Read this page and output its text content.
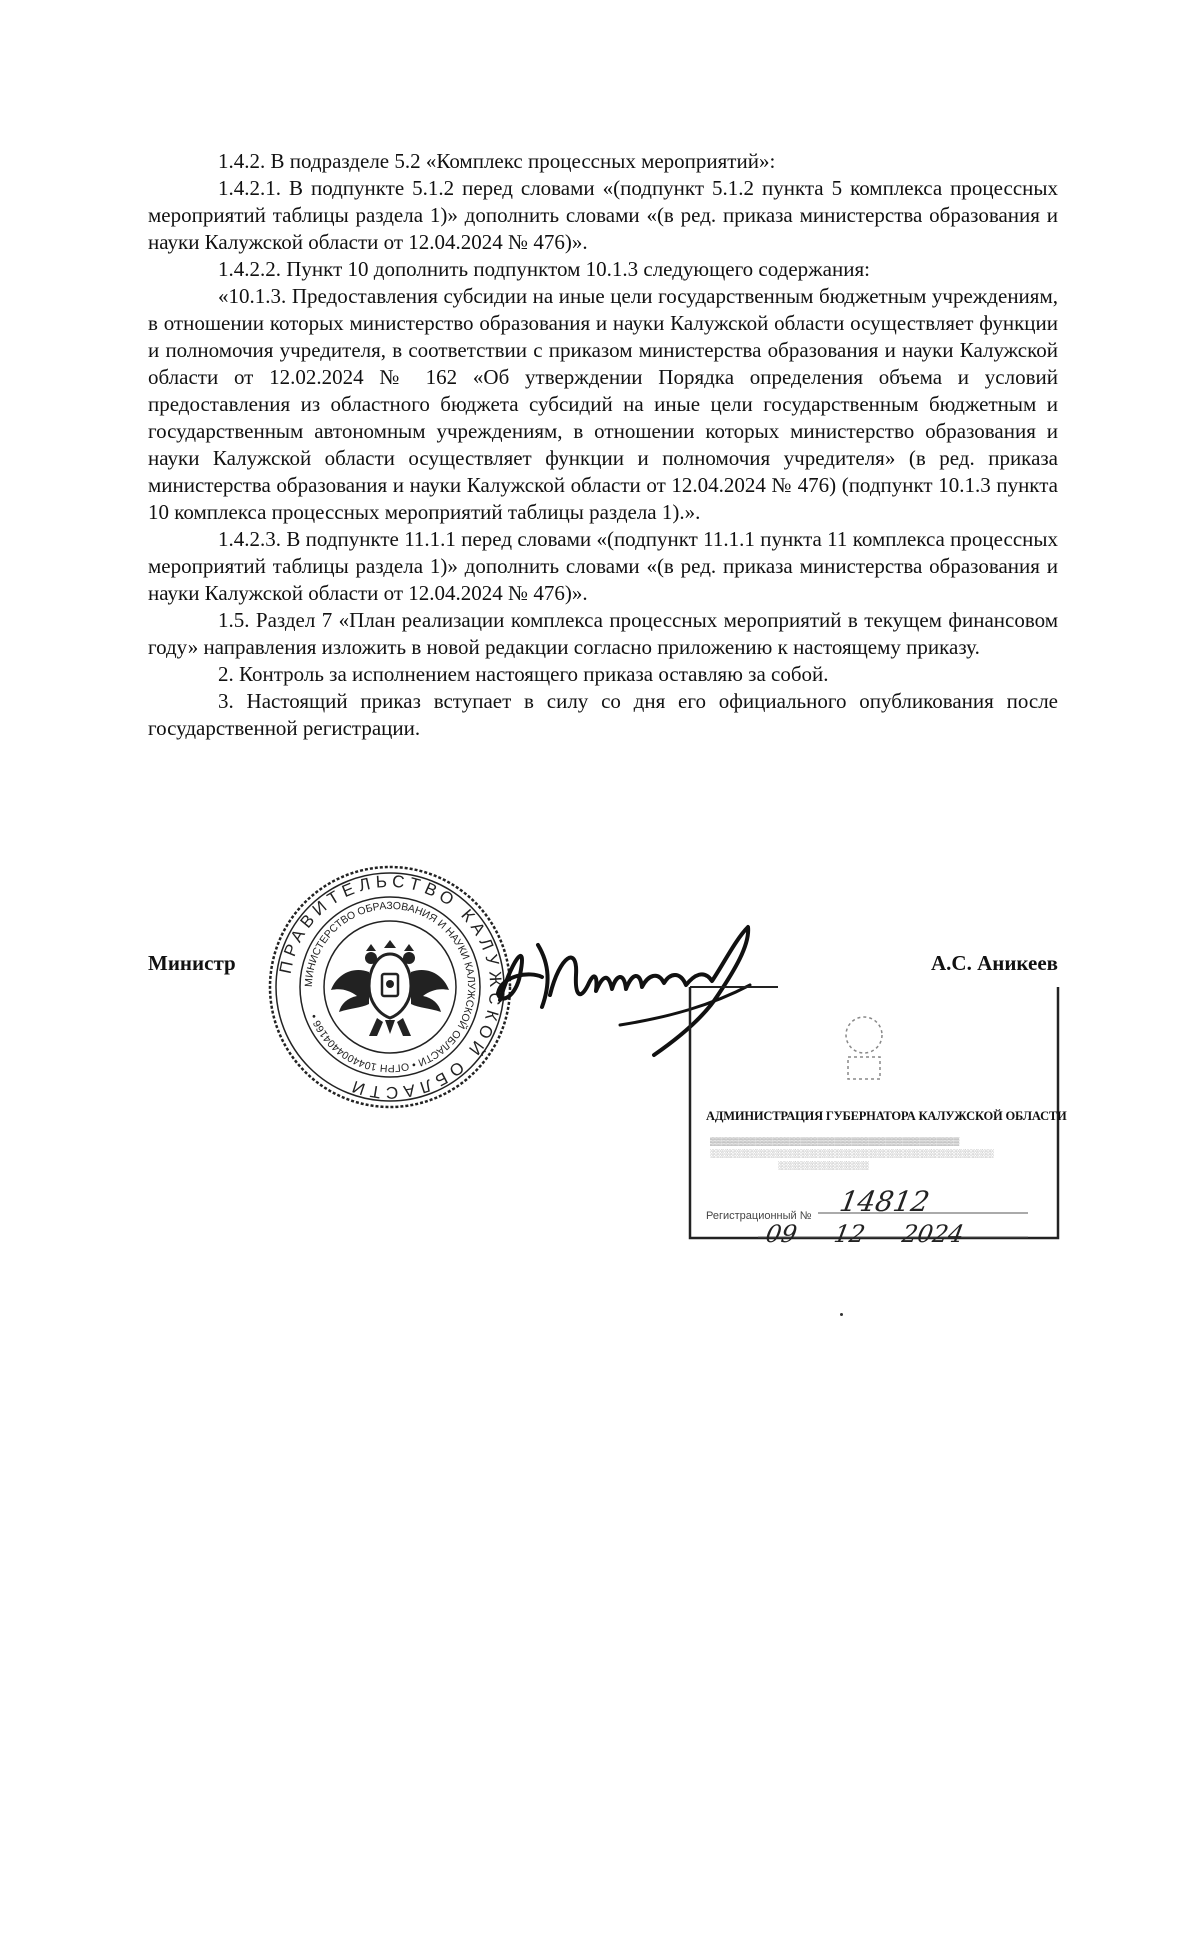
1.4.2. В подразделе 5.2 «Комплекс процессных мероприятий»:

1.4.2.1. В подпункте 5.1.2 перед словами «(подпункт 5.1.2 пункта 5 комплекса процессных мероприятий таблицы раздела 1)» дополнить словами «(в ред. приказа министерства образования и науки Калужской области от 12.04.2024 № 476)».

1.4.2.2. Пункт 10 дополнить подпунктом 10.1.3 следующего содержания:

«10.1.3. Предоставления субсидии на иные цели государственным бюджетным учреждениям, в отношении которых министерство образования и науки Калужской области осуществляет функции и полномочия учредителя, в соответствии с приказом министерства образования и науки Калужской области от 12.02.2024 № 162 «Об утверждении Порядка определения объема и условий предоставления из областного бюджета субсидий на иные цели государственным бюджетным и государственным автономным учреждениям, в отношении которых министерство образования и науки Калужской области осуществляет функции и полномочия учредителя» (в ред. приказа министерства образования и науки Калужской области от 12.04.2024 № 476) (подпункт 10.1.3 пункта 10 комплекса процессных мероприятий таблицы раздела 1).».

1.4.2.3. В подпункте 11.1.1 перед словами «(подпункт 11.1.1 пункта 11 комплекса процессных мероприятий таблицы раздела 1)» дополнить словами «(в ред. приказа министерства образования и науки Калужской области от 12.04.2024 № 476)».

1.5. Раздел 7 «План реализации комплекса процессных мероприятий в текущем финансовом году» направления изложить в новой редакции согласно приложению к настоящему приказу.

2. Контроль за исполнением настоящего приказа оставляю за собой.

3. Настоящий приказ вступает в силу со дня его официального опубликования после государственной регистрации.

ПРАВИТЕЛЬСТВО КАЛУЖСКОЙ ОБЛАСТИ
МИНИСТЕРСТВО ОБРАЗОВАНИЯ И НАУКИ КАЛУЖСКОЙ ОБЛАСТИ • ОГРН 1044004404166 •
Министр	А.С. Аникеев
АДМИНИСТРАЦИЯ ГУБЕРНАТОРА КАЛУЖСКОЙ ОБЛАСТИ
▒▒▒▒▒▒▒▒▒▒▒▒▒▒▒▒▒▒▒▒▒▒▒▒▒▒▒▒▒▒▒▒▒▒▒▒▒▒▒▒▒▒▒▒
░░░░░░░░░░░░░░░░░░░░░░░░░░░░░░░░░░░░░░░░░░░░░░░░░░
░░░░░░░░░░░░░░░░
Регистрационный № 14812
09 12 2024
